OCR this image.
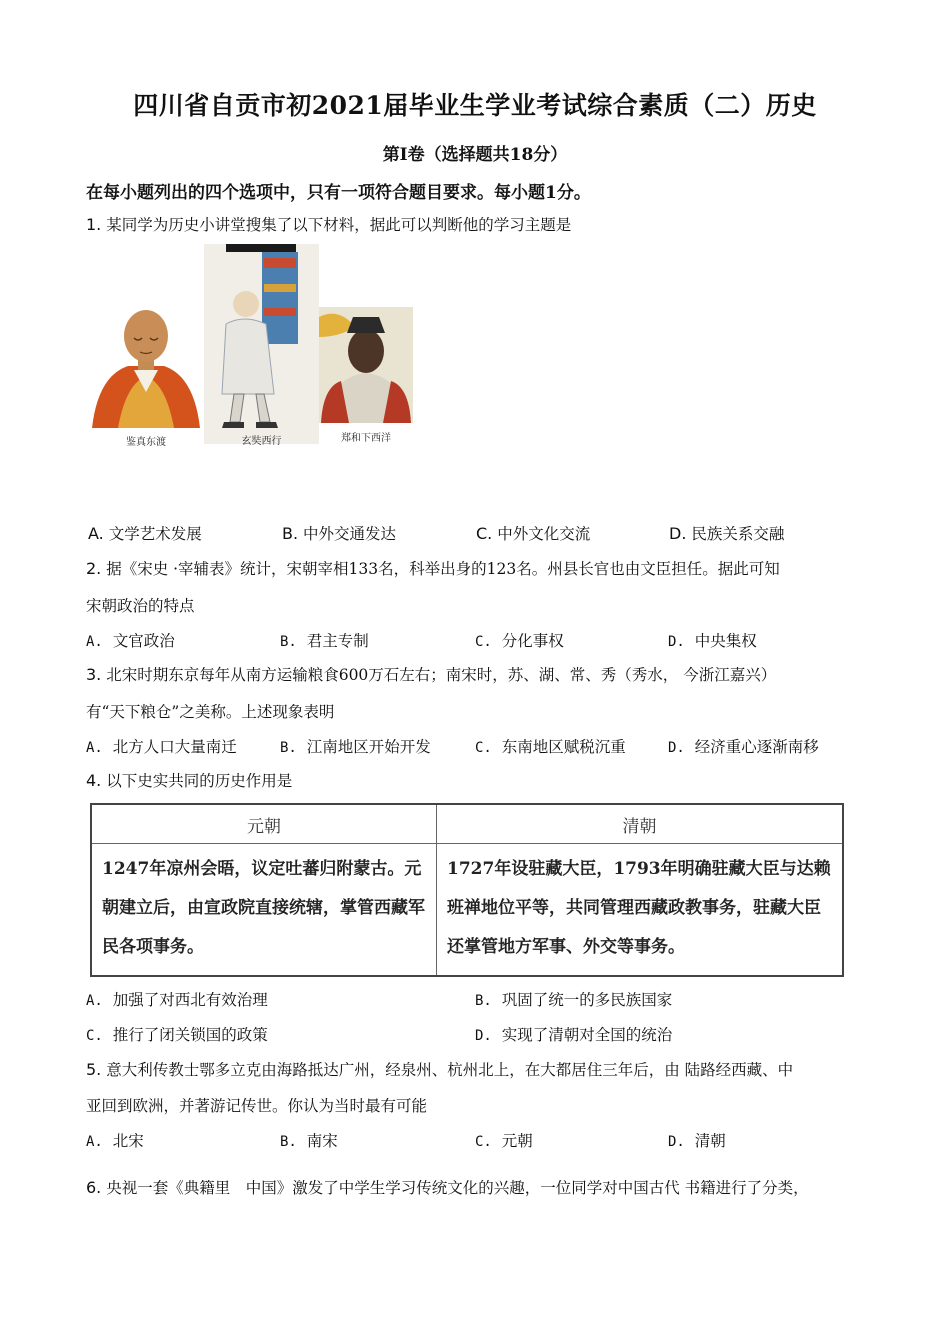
四川省自贡市初2021届毕业生学业考试综合素质（二）历史
第Ⅰ卷（选择题共18分）
在每小题列出的四个选项中，只有一项符合题目要求。每小题1分。
1. 某同学为历史小讲堂搜集了以下材料，据此可以判断他的学习主题是
鉴真东渡	玄奘西行	郑和下西洋
A. 文学艺术发展	B. 中外交通发达	C. 中外文化交流	D. 民族关系交融
2. 据《宋史 ·宰辅表》统计，宋朝宰相133名，科举出身的123名。州县长官也由文臣担任。据此可知
宋朝政治的特点
A. 文官政治	B. 君主专制	C. 分化事权	D. 中央集权
3. 北宋时期东京每年从南方运输粮食600万石左右；南宋时，苏、湖、常、秀（秀水， 今浙江嘉兴）
有“天下粮仓”之美称。上述现象表明
A. 北方人口大量南迁	B. 江南地区开始开发	C. 东南地区赋税沉重	D. 经济重心逐渐南移
4. 以下史实共同的历史作用是
元朝	清朝
1247年凉州会晤，议定吐蕃归附蒙古。元朝建立后，由宣政院直接统辖，掌管西藏军民各项事务。	1727年设驻藏大臣，1793年明确驻藏大臣与达赖班禅地位平等，共同管理西藏政教事务，驻藏大臣还掌管地方军事、外交等事务。
A. 加强了对西北有效治理	B. 巩固了统一的多民族国家
C. 推行了闭关锁国的政策	D. 实现了清朝对全国的统治
5. 意大利传教士鄂多立克由海路抵达广州，经泉州、杭州北上，在大都居住三年后，由 陆路经西藏、中
亚回到欧洲，并著游记传世。你认为当时最有可能
A. 北宋	B. 南宋	C. 元朝	D. 清朝
6. 央视一套《典籍里　中国》激发了中学生学习传统文化的兴趣，一位同学对中国古代 书籍进行了分类，
